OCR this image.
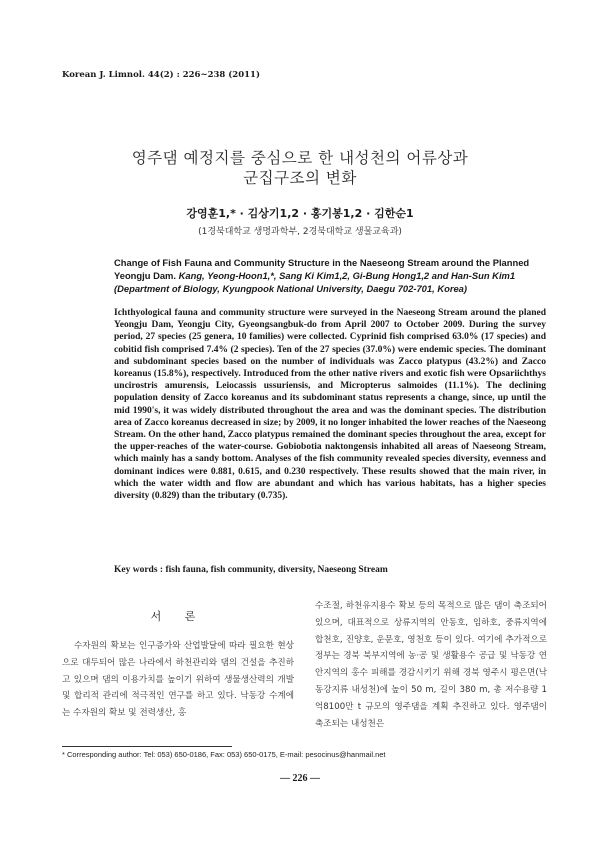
Korean J. Limnol. 44(2) : 226~238 (2011)
영주댐 예정지를 중심으로 한 내성천의 어류상과
군집구조의 변화
강영훈1,* · 김상기1,2 · 홍기봉1,2 · 김한순1
(1경북대학교 생명과학부, 2경북대학교 생물교육과)
Change of Fish Fauna and Community Structure in the Naeseong Stream around the Planned Yeongju Dam. Kang, Yeong-Hoon1,*, Sang Ki Kim1,2, Gi-Bung Hong1,2 and Han-Sun Kim1 (Department of Biology, Kyungpook National University, Daegu 702-701, Korea)
Ichthyological fauna and community structure were surveyed in the Naeseong Stream around the planed Yeongju Dam, Yeongju City, Gyeongsangbuk-do from April 2007 to October 2009. During the survey period, 27 species (25 genera, 10 families) were collected. Cyprinid fish comprised 63.0% (17 species) and cobitid fish comprised 7.4% (2 species). Ten of the 27 species (37.0%) were endemic species. The dominant and subdominant species based on the number of individuals was Zacco platypus (43.2%) and Zacco koreanus (15.8%), respectively. Introduced from the other native rivers and exotic fish were Opsariichthys uncirostris amurensis, Leiocassis ussuriensis, and Micropterus salmoides (11.1%). The declining population density of Zacco koreanus and its subdominant status represents a change, since, up until the mid 1990's, it was widely distributed throughout the area and was the dominant species. The distribution area of Zacco koreanus decreased in size; by 2009, it no longer inhabited the lower reaches of the Naeseong Stream. On the other hand, Zacco platypus remained the dominant species throughout the area, except for the upper-reaches of the water-course. Gobiobotia naktongensis inhabited all areas of Naeseong Stream, which mainly has a sandy bottom. Analyses of the fish community revealed species diversity, evenness and dominant indices were 0.881, 0.615, and 0.230 respectively. These results showed that the main river, in which the water width and flow are abundant and which has various habitats, has a higher species diversity (0.829) than the tributary (0.735).
Key words : fish fauna, fish community, diversity, Naeseong Stream
서 론
수자원의 확보는 인구증가와 산업발달에 따라 필요한 현상으로 대두되어 많은 나라에서 하천관리와 댐의 건설을 추진하고 있으며 댐의 이용가치를 높이기 위하여 생물생산력의 개발 및 합리적 관리에 적극적인 연구를 하고 있다. 낙동강 수계에는 수자원의 확보 및 전력생산, 홍
수조절, 하천유지용수 확보 등의 목적으로 많은 댐이 축조되어 있으며, 대표적으로 상류지역의 안동호, 임하호, 중류지역에 합천호, 진양호, 운문호, 영천호 등이 있다. 여기에 추가적으로 정부는 경북 북부지역에 농·공 및 생활용수 공급 및 낙동강 연안지역의 홍수 피해를 경감시키기 위해 경북 영주시 평은면(낙동강지류 내성천)에 높이 50 m, 길이 380 m, 총 저수용량 1억8100만 t 규모의 영주댐을 계획 추진하고 있다. 영주댐이 축조되는 내성천은
* Corresponding author: Tel: 053) 650-0186, Fax: 053) 650-0175, E-mail: pesocinus@hanmail.net
— 226 —
